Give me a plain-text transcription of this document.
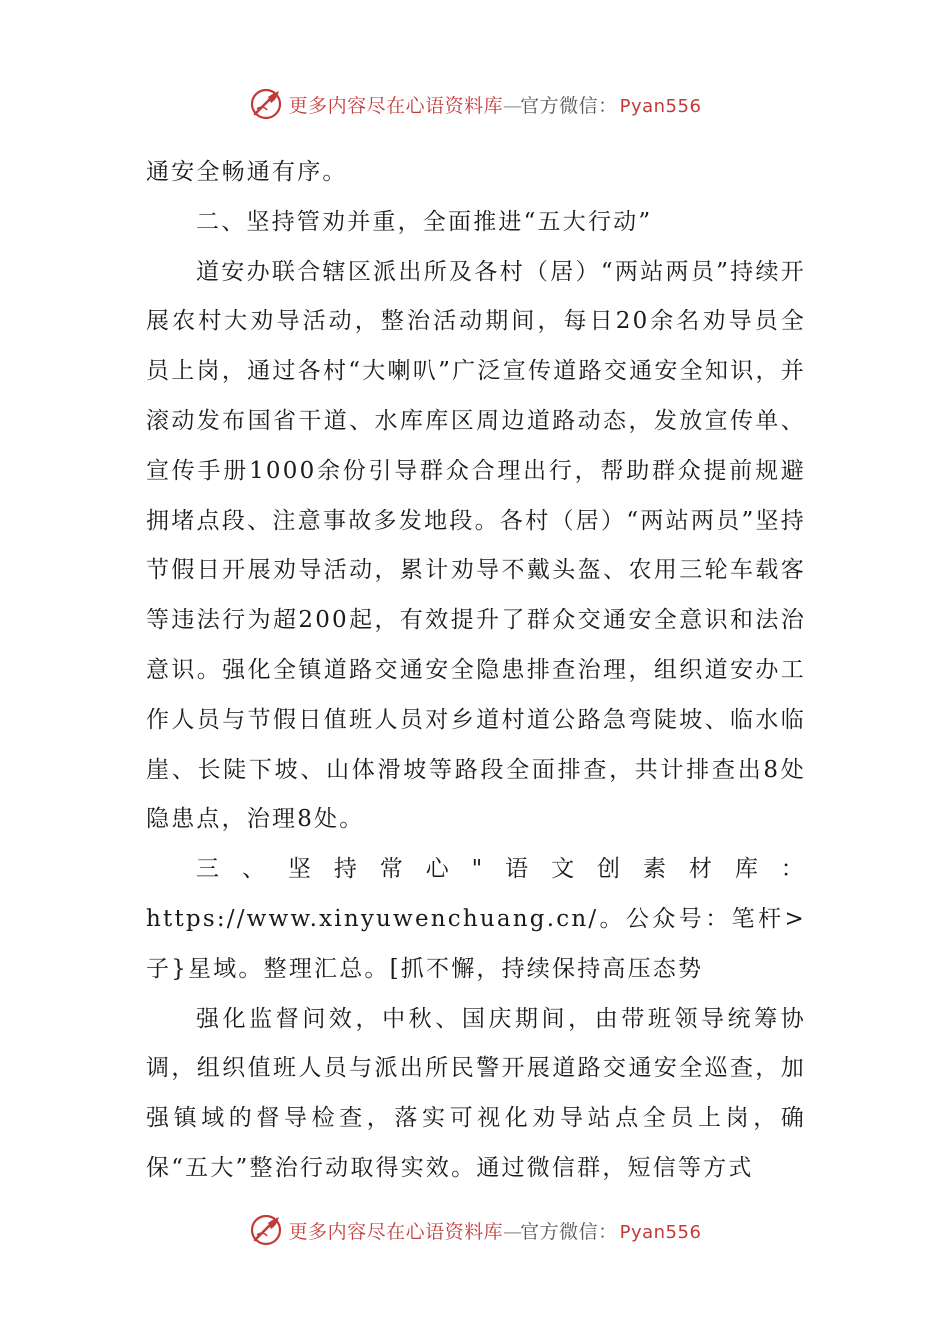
更多内容尽在心语资料库—官方微信： Pyan556

通安全畅通有序。

二、坚持管劝并重，全面推进“五大行动”

道安办联合辖区派出所及各村（居）“两站两员”持续开展农村大劝导活动，整治活动期间，每日20余名劝导员全员上岗，通过各村“大喇叭”广泛宣传道路交通安全知识，并滚动发布国省干道、水库库区周边道路动态，发放宣传单、宣传手册1000余份引导群众合理出行，帮助群众提前规避拥堵点段、注意事故多发地段。各村（居）“两站两员”坚持节假日开展劝导活动，累计劝导不戴头盔、农用三轮车载客等违法行为超200起，有效提升了群众交通安全意识和法治意识。强化全镇道路交通安全隐患排查治理，组织道安办工作人员与节假日值班人员对乡道村道公路急弯陡坡、临水临崖、长陡下坡、山体滑坡等路段全面排查，共计排查出8处隐患点，治理8处。

三、坚持常心"语文创素材库：https://www.xinyuwenchuang.cn/。公众号：笔杆>子}星域。整理汇总。[抓不懈，持续保持高压态势

强化监督问效，中秋、国庆期间，由带班领导统筹协调，组织值班人员与派出所民警开展道路交通安全巡查，加强镇域的督导检查，落实可视化劝导站点全员上岗，确保“五大”整治行动取得实效。通过微信群，短信等方式

更多内容尽在心语资料库—官方微信： Pyan556
